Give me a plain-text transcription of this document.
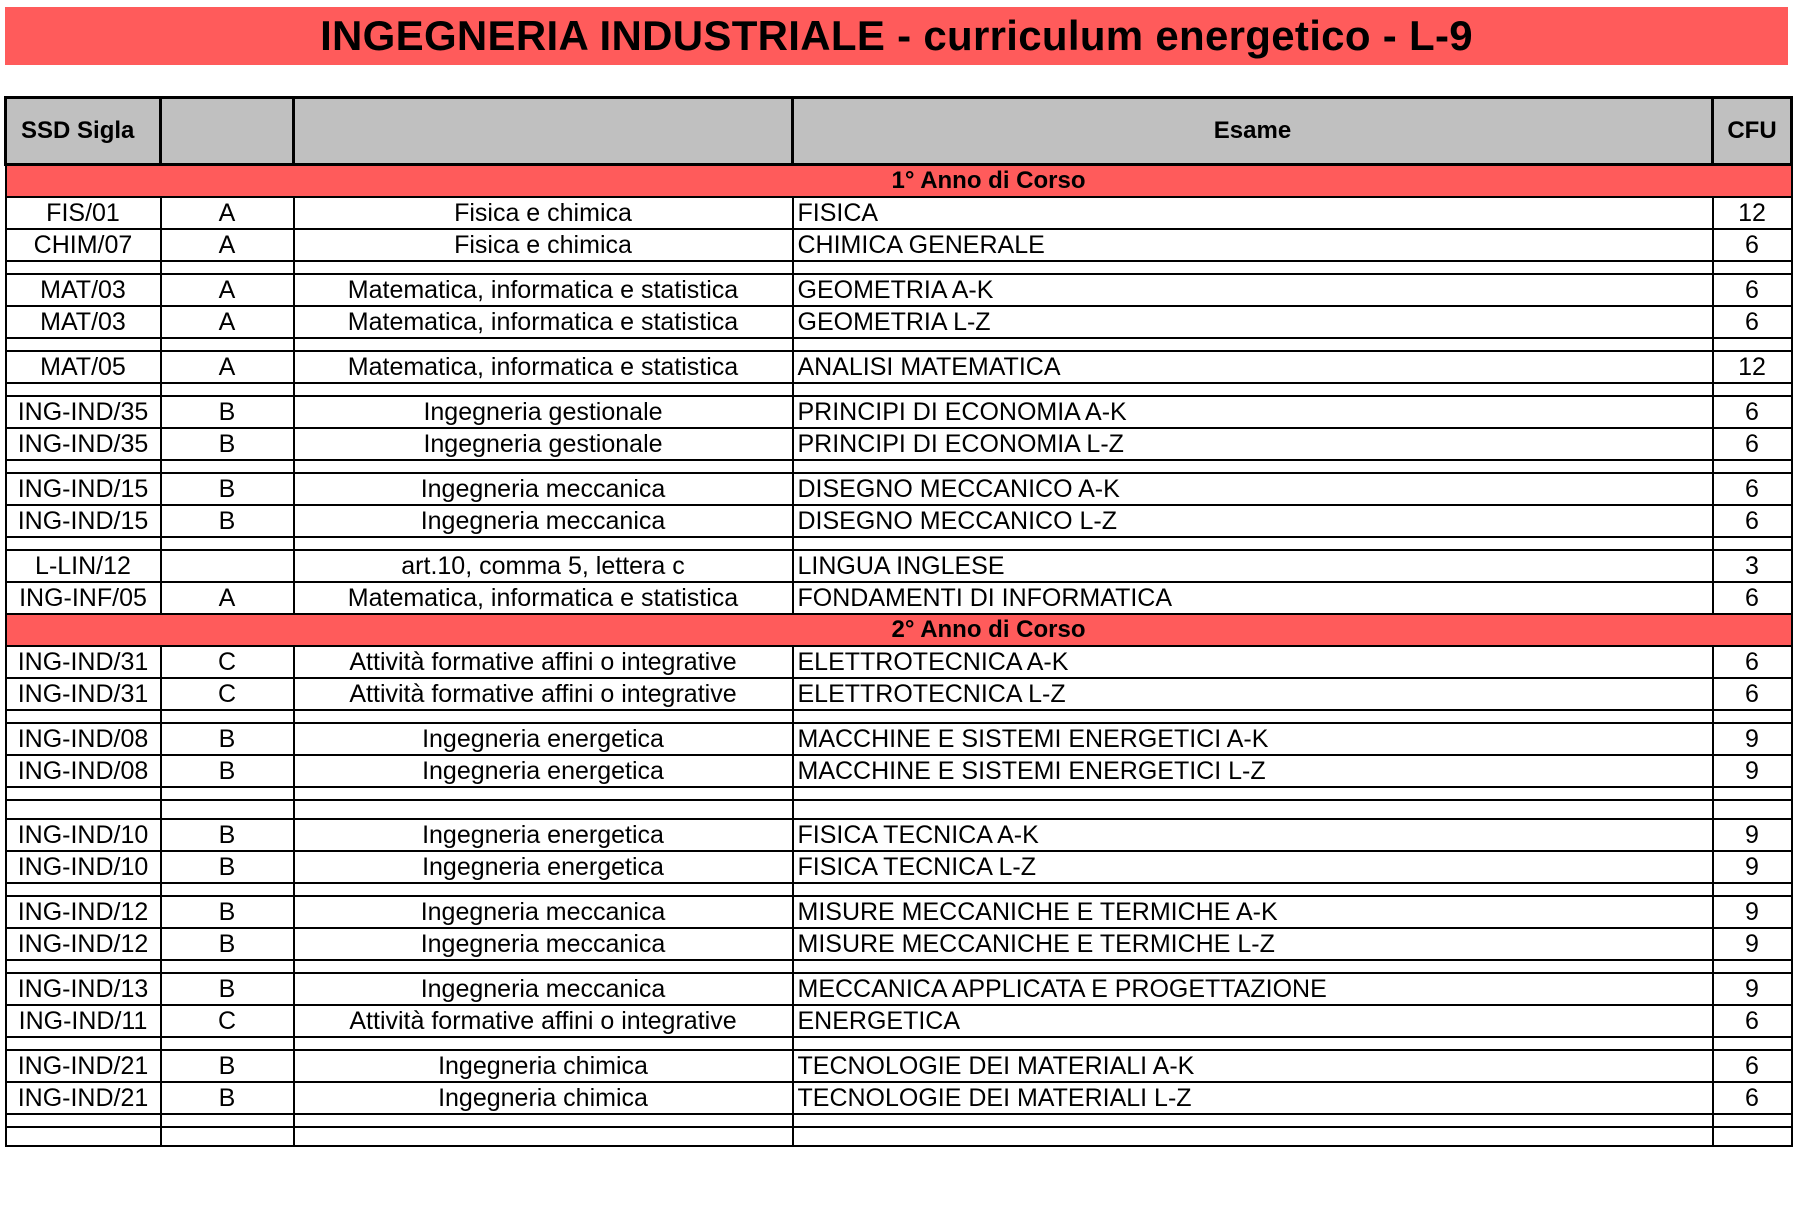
INGEGNERIA INDUSTRIALE - curriculum energetico - L-9
SSD Sigla			Esame	CFU
1° Anno di Corso				
FIS/01	A	Fisica e chimica	FISICA	12
CHIM/07	A	Fisica e chimica	CHIMICA GENERALE	6

MAT/03	A	Matematica, informatica e statistica	GEOMETRIA A-K	6
MAT/03	A	Matematica, informatica e statistica	GEOMETRIA L-Z	6

MAT/05	A	Matematica, informatica e statistica	ANALISI MATEMATICA	12

ING-IND/35	B	Ingegneria gestionale	PRINCIPI DI ECONOMIA A-K	6
ING-IND/35	B	Ingegneria gestionale	PRINCIPI DI ECONOMIA L-Z	6

ING-IND/15	B	Ingegneria meccanica	DISEGNO MECCANICO A-K	6
ING-IND/15	B	Ingegneria meccanica	DISEGNO MECCANICO L-Z	6

L-LIN/12		art.10, comma 5, lettera c	LINGUA INGLESE	3
ING-INF/05	A	Matematica, informatica e statistica	FONDAMENTI DI INFORMATICA	6
2° Anno di Corso				
ING-IND/31	C	Attività formative affini o integrative	ELETTROTECNICA A-K	6
ING-IND/31	C	Attività formative affini o integrative	ELETTROTECNICA L-Z	6

ING-IND/08	B	Ingegneria energetica	MACCHINE E SISTEMI ENERGETICI A-K	9
ING-IND/08	B	Ingegneria energetica	MACCHINE E SISTEMI ENERGETICI L-Z	9

ING-IND/10	B	Ingegneria energetica	FISICA TECNICA A-K	9
ING-IND/10	B	Ingegneria energetica	FISICA TECNICA L-Z	9

ING-IND/12	B	Ingegneria meccanica	MISURE MECCANICHE E TERMICHE A-K	9
ING-IND/12	B	Ingegneria meccanica	MISURE MECCANICHE E TERMICHE L-Z	9

ING-IND/13	B	Ingegneria meccanica	MECCANICA APPLICATA E PROGETTAZIONE	9
ING-IND/11	C	Attività formative affini o integrative	ENERGETICA	6

ING-IND/21	B	Ingegneria chimica	TECNOLOGIE DEI MATERIALI A-K	6
ING-IND/21	B	Ingegneria chimica	TECNOLOGIE DEI MATERIALI L-Z	6
